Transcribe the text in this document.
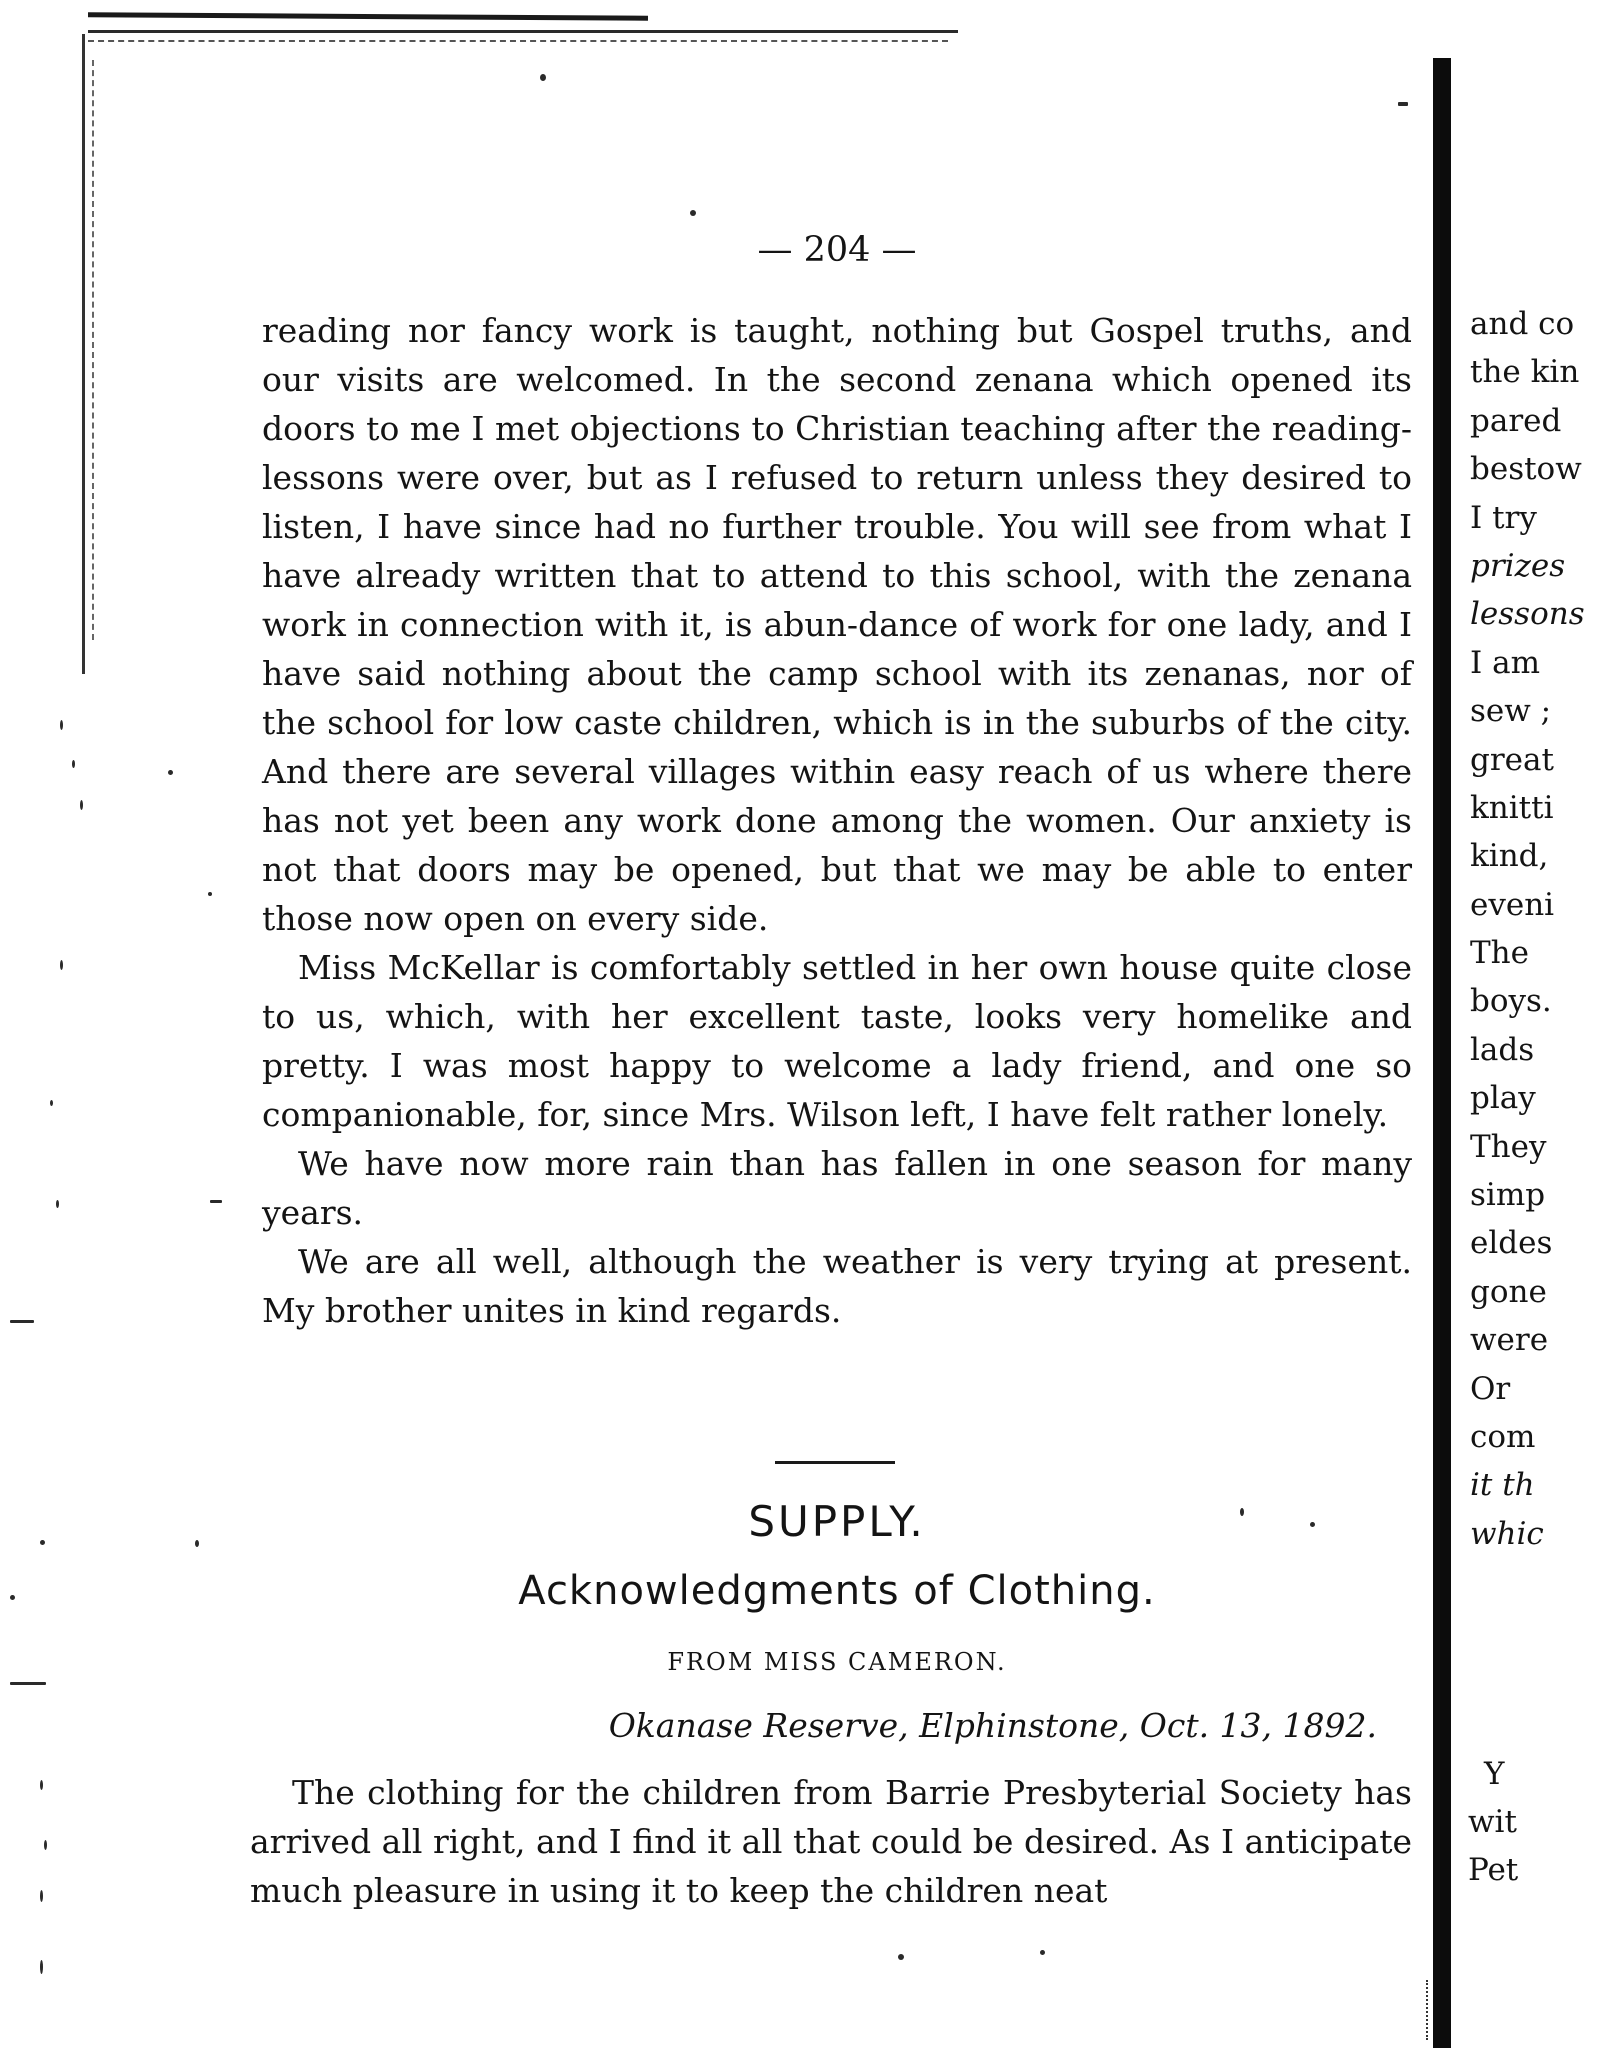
— 204 —

reading nor fancy work is taught, nothing but Gospel truths, and our visits are welcomed. In the second zenana which opened its doors to me I met objections to Christian teaching after the reading-lessons were over, but as I refused to return unless they desired to listen, I have since had no further trouble. You will see from what I have already written that to attend to this school, with the zenana work in connection with it, is abun-dance of work for one lady, and I have said nothing about the camp school with its zenanas, nor of the school for low caste children, which is in the suburbs of the city. And there are several villages within easy reach of us where there has not yet been any work done among the women. Our anxiety is not that doors may be opened, but that we may be able to enter those now open on every side.

Miss McKellar is comfortably settled in her own house quite close to us, which, with her excellent taste, looks very homelike and pretty. I was most happy to welcome a lady friend, and one so companionable, for, since Mrs. Wilson left, I have felt rather lonely.

We have now more rain than has fallen in one season for many years.

We are all well, although the weather is very trying at present. My brother unites in kind regards.

SUPPLY.
Acknowledgments of Clothing.
FROM MISS CAMERON.
Okanase Reserve, Elphinstone, Oct. 13, 1892.

The clothing for the children from Barrie Presbyterial Society has arrived all right, and I find it all that could be desired. As I anticipate much pleasure in using it to keep the children neat

and co
the kin
pared
bestow
I try
prizes
lessons
I am
sew ;
great
knitti
kind,
eveni
The
boys.
lads
play
They
simp
eldes
gone
were
Or
com
it th
whic
Y
wit
Pet
